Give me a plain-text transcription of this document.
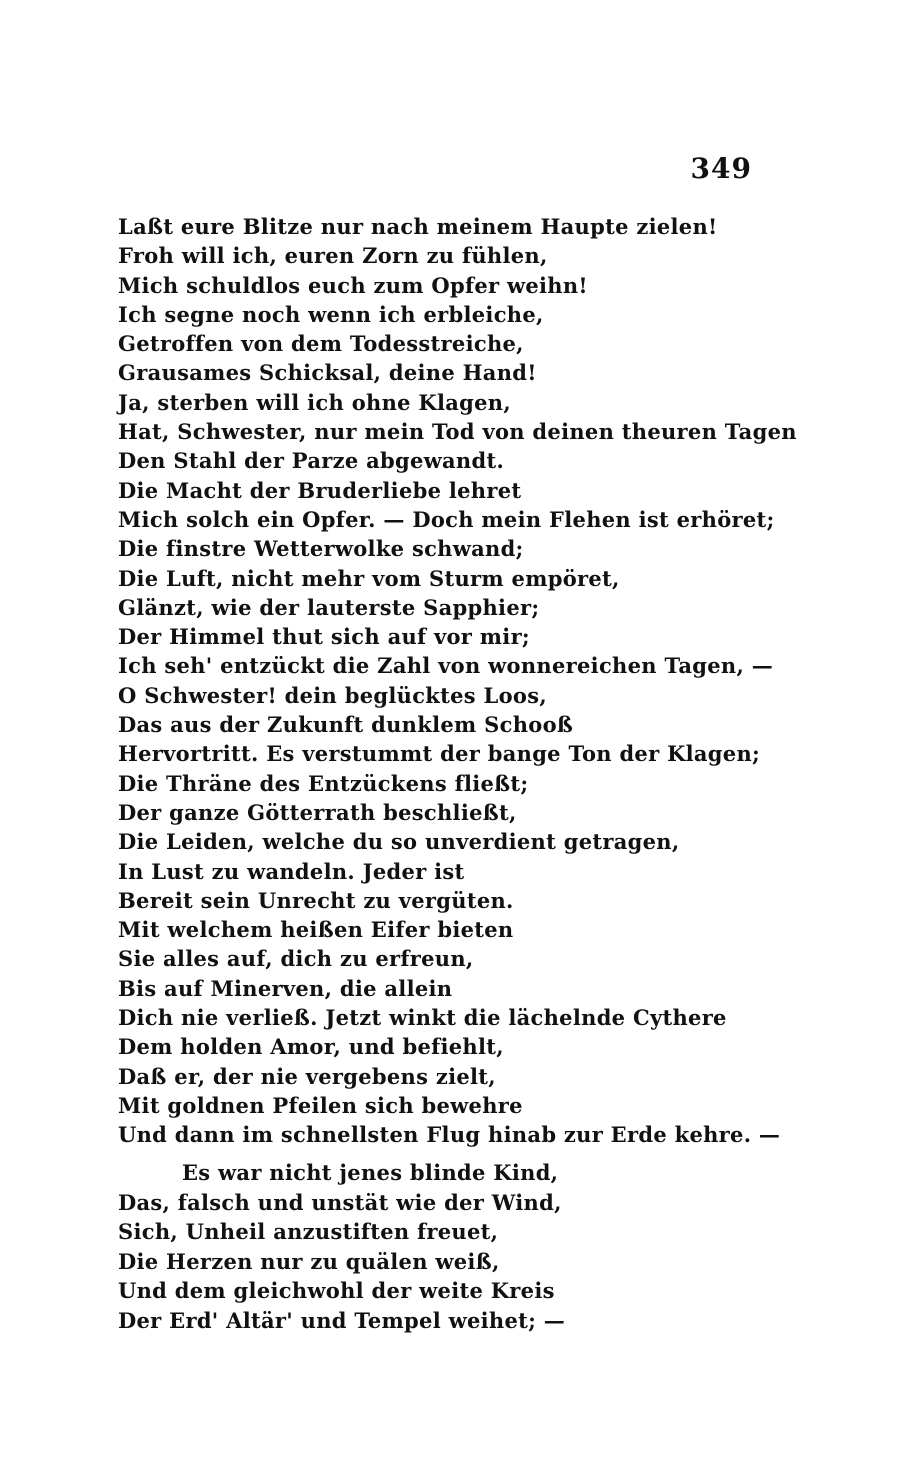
349
Laßt eure Blitze nur nach meinem Haupte zielen!
Froh will ich, euren Zorn zu fühlen,
Mich schuldlos euch zum Opfer weihn!
Ich segne noch wenn ich erbleiche,
Getroffen von dem Todesstreiche,
Grausames Schicksal, deine Hand!
Ja, sterben will ich ohne Klagen,
Hat, Schwester, nur mein Tod von deinen theuren Tagen
Den Stahl der Parze abgewandt.
Die Macht der Bruderliebe lehret
Mich solch ein Opfer. — Doch mein Flehen ist erhöret;
Die finstre Wetterwolke schwand;
Die Luft, nicht mehr vom Sturm empöret,
Glänzt, wie der lauterste Sapphier;
Der Himmel thut sich auf vor mir;
Ich seh' entzückt die Zahl von wonnereichen Tagen, —
O Schwester! dein beglücktes Loos,
Das aus der Zukunft dunklem Schooß
Hervortritt. Es verstummt der bange Ton der Klagen;
Die Thräne des Entzückens fließt;
Der ganze Götterrath beschließt,
Die Leiden, welche du so unverdient getragen,
In Lust zu wandeln. Jeder ist
Bereit sein Unrecht zu vergüten.
Mit welchem heißen Eifer bieten
Sie alles auf, dich zu erfreun,
Bis auf Minerven, die allein
Dich nie verließ. Jetzt winkt die lächelnde Cythere
Dem holden Amor, und befiehlt,
Daß er, der nie vergebens zielt,
Mit goldnen Pfeilen sich bewehre
Und dann im schnellsten Flug hinab zur Erde kehre. —
Es war nicht jenes blinde Kind,
Das, falsch und unstät wie der Wind,
Sich, Unheil anzustiften freuet,
Die Herzen nur zu quälen weiß,
Und dem gleichwohl der weite Kreis
Der Erd' Altär' und Tempel weihet; —
